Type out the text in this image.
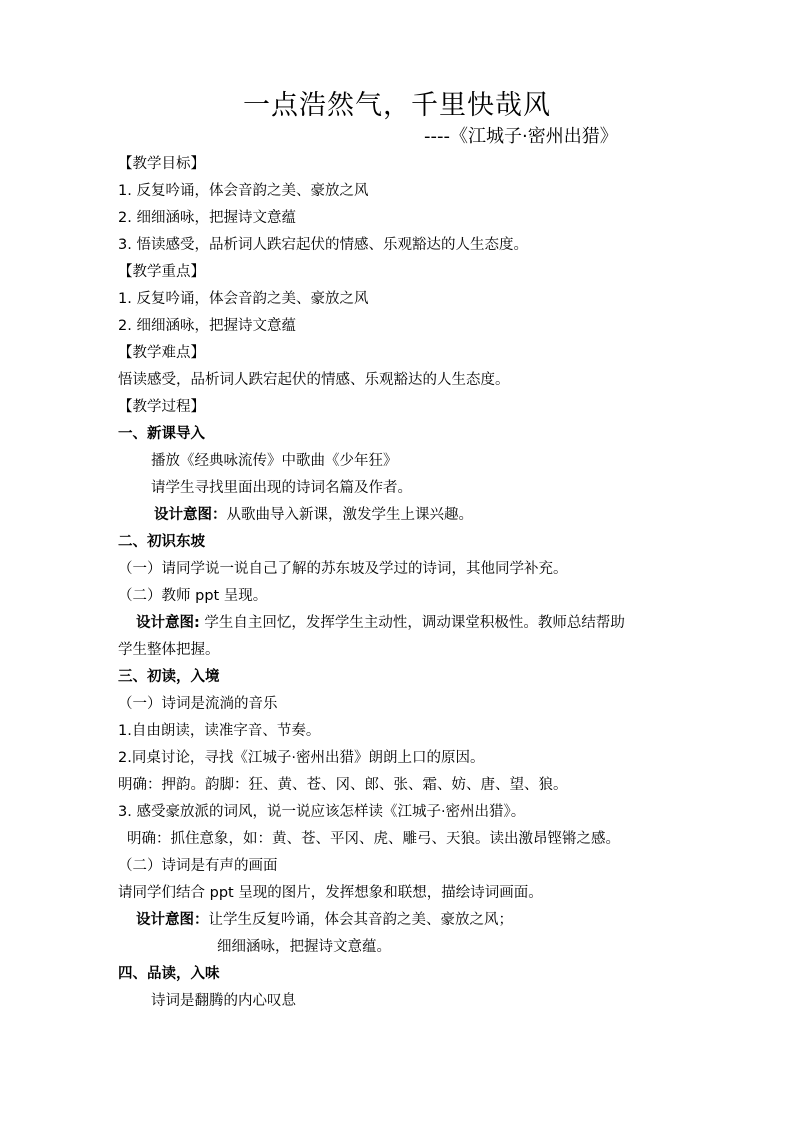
一点浩然气，千里快哉风
----《江城子·密州出猎》
【教学目标】
1. 反复吟诵，体会音韵之美、豪放之风
2. 细细涵咏，把握诗文意蕴
3. 悟读感受，品析词人跌宕起伏的情感、乐观豁达的人生态度。
【教学重点】
1. 反复吟诵，体会音韵之美、豪放之风
2. 细细涵咏，把握诗文意蕴
【教学难点】
悟读感受，品析词人跌宕起伏的情感、乐观豁达的人生态度。
【教学过程】
一、新课导入
播放《经典咏流传》中歌曲《少年狂》
请学生寻找里面出现的诗词名篇及作者。
设计意图：从歌曲导入新课，激发学生上课兴趣。
二、初识东坡
（一）请同学说一说自己了解的苏东坡及学过的诗词，其他同学补充。
（二）教师 ppt 呈现。
设计意图: 学生自主回忆，发挥学生主动性，调动课堂积极性。教师总结帮助
学生整体把握。
三、初读，入境
（一）诗词是流淌的音乐
1.自由朗读，读准字音、节奏。
2.同桌讨论，寻找《江城子·密州出猎》朗朗上口的原因。
明确：押韵。韵脚：狂、黄、苍、冈、郎、张、霜、妨、唐、望、狼。
3. 感受豪放派的词风，说一说应该怎样读《江城子·密州出猎》。
明确：抓住意象，如：黄、苍、平冈、虎、雕弓、天狼。读出激昂铿锵之感。
（二）诗词是有声的画面
请同学们结合 ppt 呈现的图片，发挥想象和联想，描绘诗词画面。
设计意图：让学生反复吟诵，体会其音韵之美、豪放之风；
细细涵咏，把握诗文意蕴。
四、品读，入味
诗词是翻腾的内心叹息
